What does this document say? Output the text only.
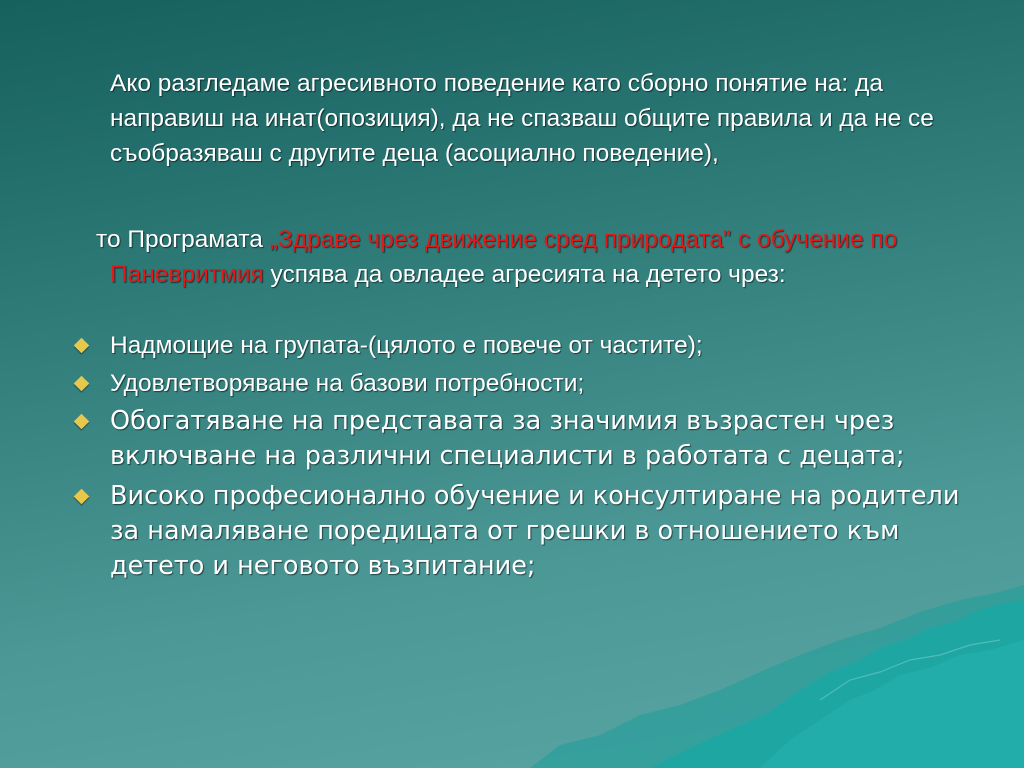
Ако разгледаме агресивното поведение като сборно понятие на: да направиш на инат(опозиция), да не спазваш общите правила и да не се съобразяваш с другите деца (асоциално поведение),
то Програмата „Здраве чрез движение сред природата” с обучение по Паневритмия успява да овладее агресията на детето чрез:
Надмощие на групата-(цялото е повече от частите);
Удовлетворяване на базови потребности;
Обогатяване на представата за значимия възрастен чрез включване на различни специалисти в работата с децата;
Високо професионално обучение и консултиране на родители за намаляване поредицата от грешки в отношението към детето и неговото възпитание;
